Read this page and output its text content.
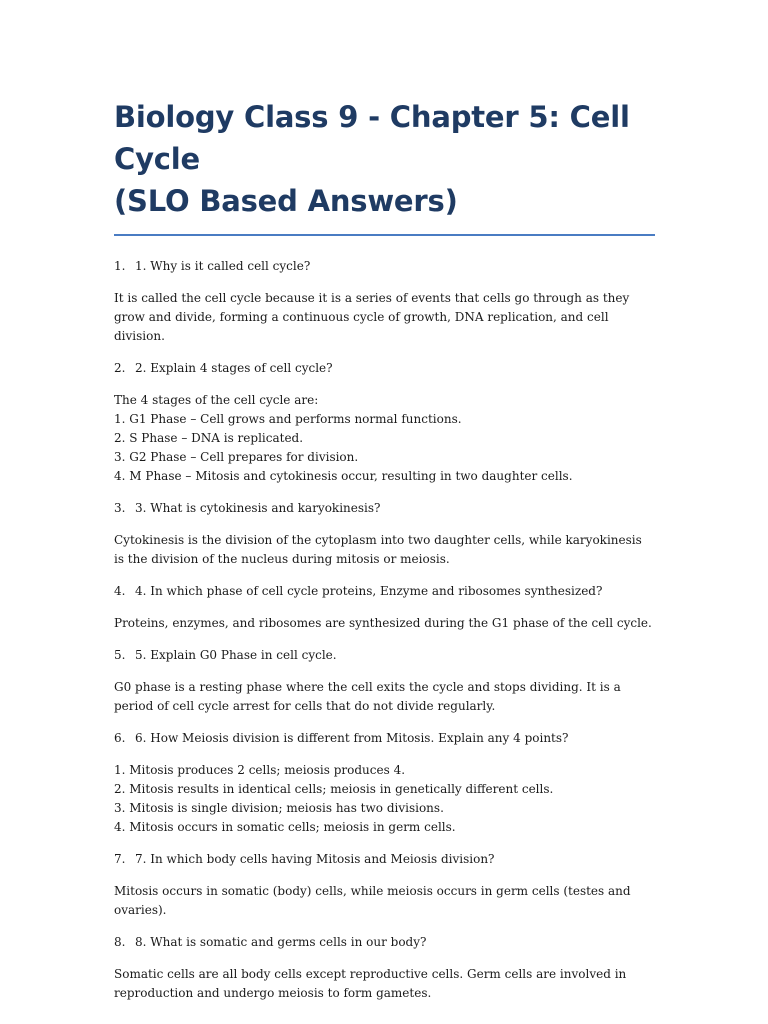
Biology Class 9 - Chapter 5: Cell Cycle
(SLO Based Answers)

1. 1. Why is it called cell cycle?

It is called the cell cycle because it is a series of events that cells go through as they grow and divide, forming a continuous cycle of growth, DNA replication, and cell division.

2. 2. Explain 4 stages of cell cycle?

The 4 stages of the cell cycle are:
1. G1 Phase – Cell grows and performs normal functions.
2. S Phase – DNA is replicated.
3. G2 Phase – Cell prepares for division.
4. M Phase – Mitosis and cytokinesis occur, resulting in two daughter cells.

3. 3. What is cytokinesis and karyokinesis?

Cytokinesis is the division of the cytoplasm into two daughter cells, while karyokinesis is the division of the nucleus during mitosis or meiosis.

4. 4. In which phase of cell cycle proteins, Enzyme and ribosomes synthesized?

Proteins, enzymes, and ribosomes are synthesized during the G1 phase of the cell cycle.

5. 5. Explain G0 Phase in cell cycle.

G0 phase is a resting phase where the cell exits the cycle and stops dividing. It is a period of cell cycle arrest for cells that do not divide regularly.

6. 6. How Meiosis division is different from Mitosis. Explain any 4 points?

1. Mitosis produces 2 cells; meiosis produces 4.
2. Mitosis results in identical cells; meiosis in genetically different cells.
3. Mitosis is single division; meiosis has two divisions.
4. Mitosis occurs in somatic cells; meiosis in germ cells.

7. 7. In which body cells having Mitosis and Meiosis division?

Mitosis occurs in somatic (body) cells, while meiosis occurs in germ cells (testes and ovaries).

8. 8. What is somatic and germs cells in our body?

Somatic cells are all body cells except reproductive cells. Germ cells are involved in reproduction and undergo meiosis to form gametes.
